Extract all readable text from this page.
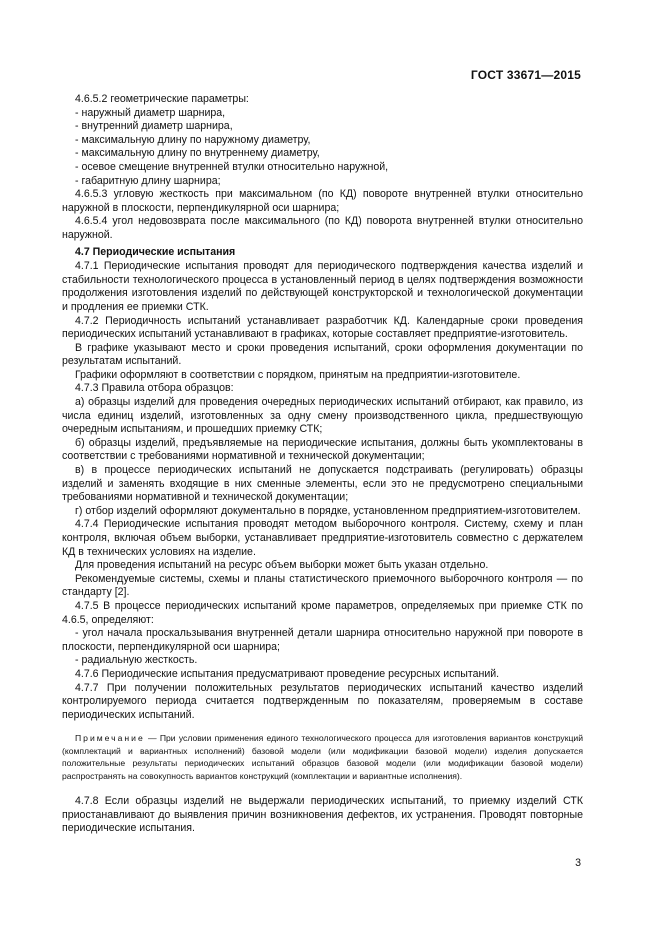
ГОСТ 33671—2015

4.6.5.2 геометрические параметры:

- наружный диаметр шарнира,

- внутренний диаметр шарнира,

- максимальную длину по наружному диаметру,

- максимальную длину по внутреннему диаметру,

- осевое смещение внутренней втулки относительно наружной,

- габаритную длину шарнира;

4.6.5.3 угловую жесткость при максимальном (по КД) повороте внутренней втулки относительно наружной в плоскости, перпендикулярной оси шарнира;

4.6.5.4 угол недовозврата после максимального (по КД) поворота внутренней втулки относительно наружной.

4.7 Периодические испытания

4.7.1 Периодические испытания проводят для периодического подтверждения качества изделий и стабильности технологического процесса в установленный период в целях подтверждения возможности продолжения изготовления изделий по действующей конструкторской и технологической документации и продления ее приемки СТК.

4.7.2 Периодичность испытаний устанавливает разработчик КД. Календарные сроки проведения периодических испытаний устанавливают в графиках, которые составляет предприятие-изготовитель.

В графике указывают место и сроки проведения испытаний, сроки оформления документации по результатам испытаний.

Графики оформляют в соответствии с порядком, принятым на предприятии-изготовителе.

4.7.3 Правила отбора образцов:

а) образцы изделий для проведения очередных периодических испытаний отбирают, как правило, из числа единиц изделий, изготовленных за одну смену производственного цикла, предшествующую очередным испытаниям, и прошедших приемку СТК;

б) образцы изделий, предъявляемые на периодические испытания, должны быть укомплектованы в соответствии с требованиями нормативной и технической документации;

в) в процессе периодических испытаний не допускается подстраивать (регулировать) образцы изделий и заменять входящие в них сменные элементы, если это не предусмотрено специальными требованиями нормативной и технической документации;

г) отбор изделий оформляют документально в порядке, установленном предприятием-изготовителем.

4.7.4 Периодические испытания проводят методом выборочного контроля. Систему, схему и план контроля, включая объем выборки, устанавливает предприятие-изготовитель совместно с держателем КД в технических условиях на изделие.

Для проведения испытаний на ресурс объем выборки может быть указан отдельно.

Рекомендуемые системы, схемы и планы статистического приемочного выборочного контроля — по стандарту [2].

4.7.5 В процессе периодических испытаний кроме параметров, определяемых при приемке СТК по 4.6.5, определяют:

- угол начала проскальзывания внутренней детали шарнира относительно наружной при повороте в плоскости, перпендикулярной оси шарнира;

- радиальную жесткость.

4.7.6 Периодические испытания предусматривают проведение ресурсных испытаний.

4.7.7 При получении положительных результатов периодических испытаний качество изделий контролируемого периода считается подтвержденным по показателям, проверяемым в составе периодических испытаний.

Примечание — При условии применения единого технологического процесса для изготовления вариантов конструкций (комплектаций и вариантных исполнений) базовой модели (или модификации базовой модели) изделия допускается положительные результаты периодических испытаний образцов базовой модели (или модификации базовой модели) распространять на совокупность вариантов конструкций (комплектации и вариантные исполнения).

4.7.8 Если образцы изделий не выдержали периодических испытаний, то приемку изделий СТК приостанавливают до выявления причин возникновения дефектов, их устранения. Проводят повторные периодические испытания.

3
